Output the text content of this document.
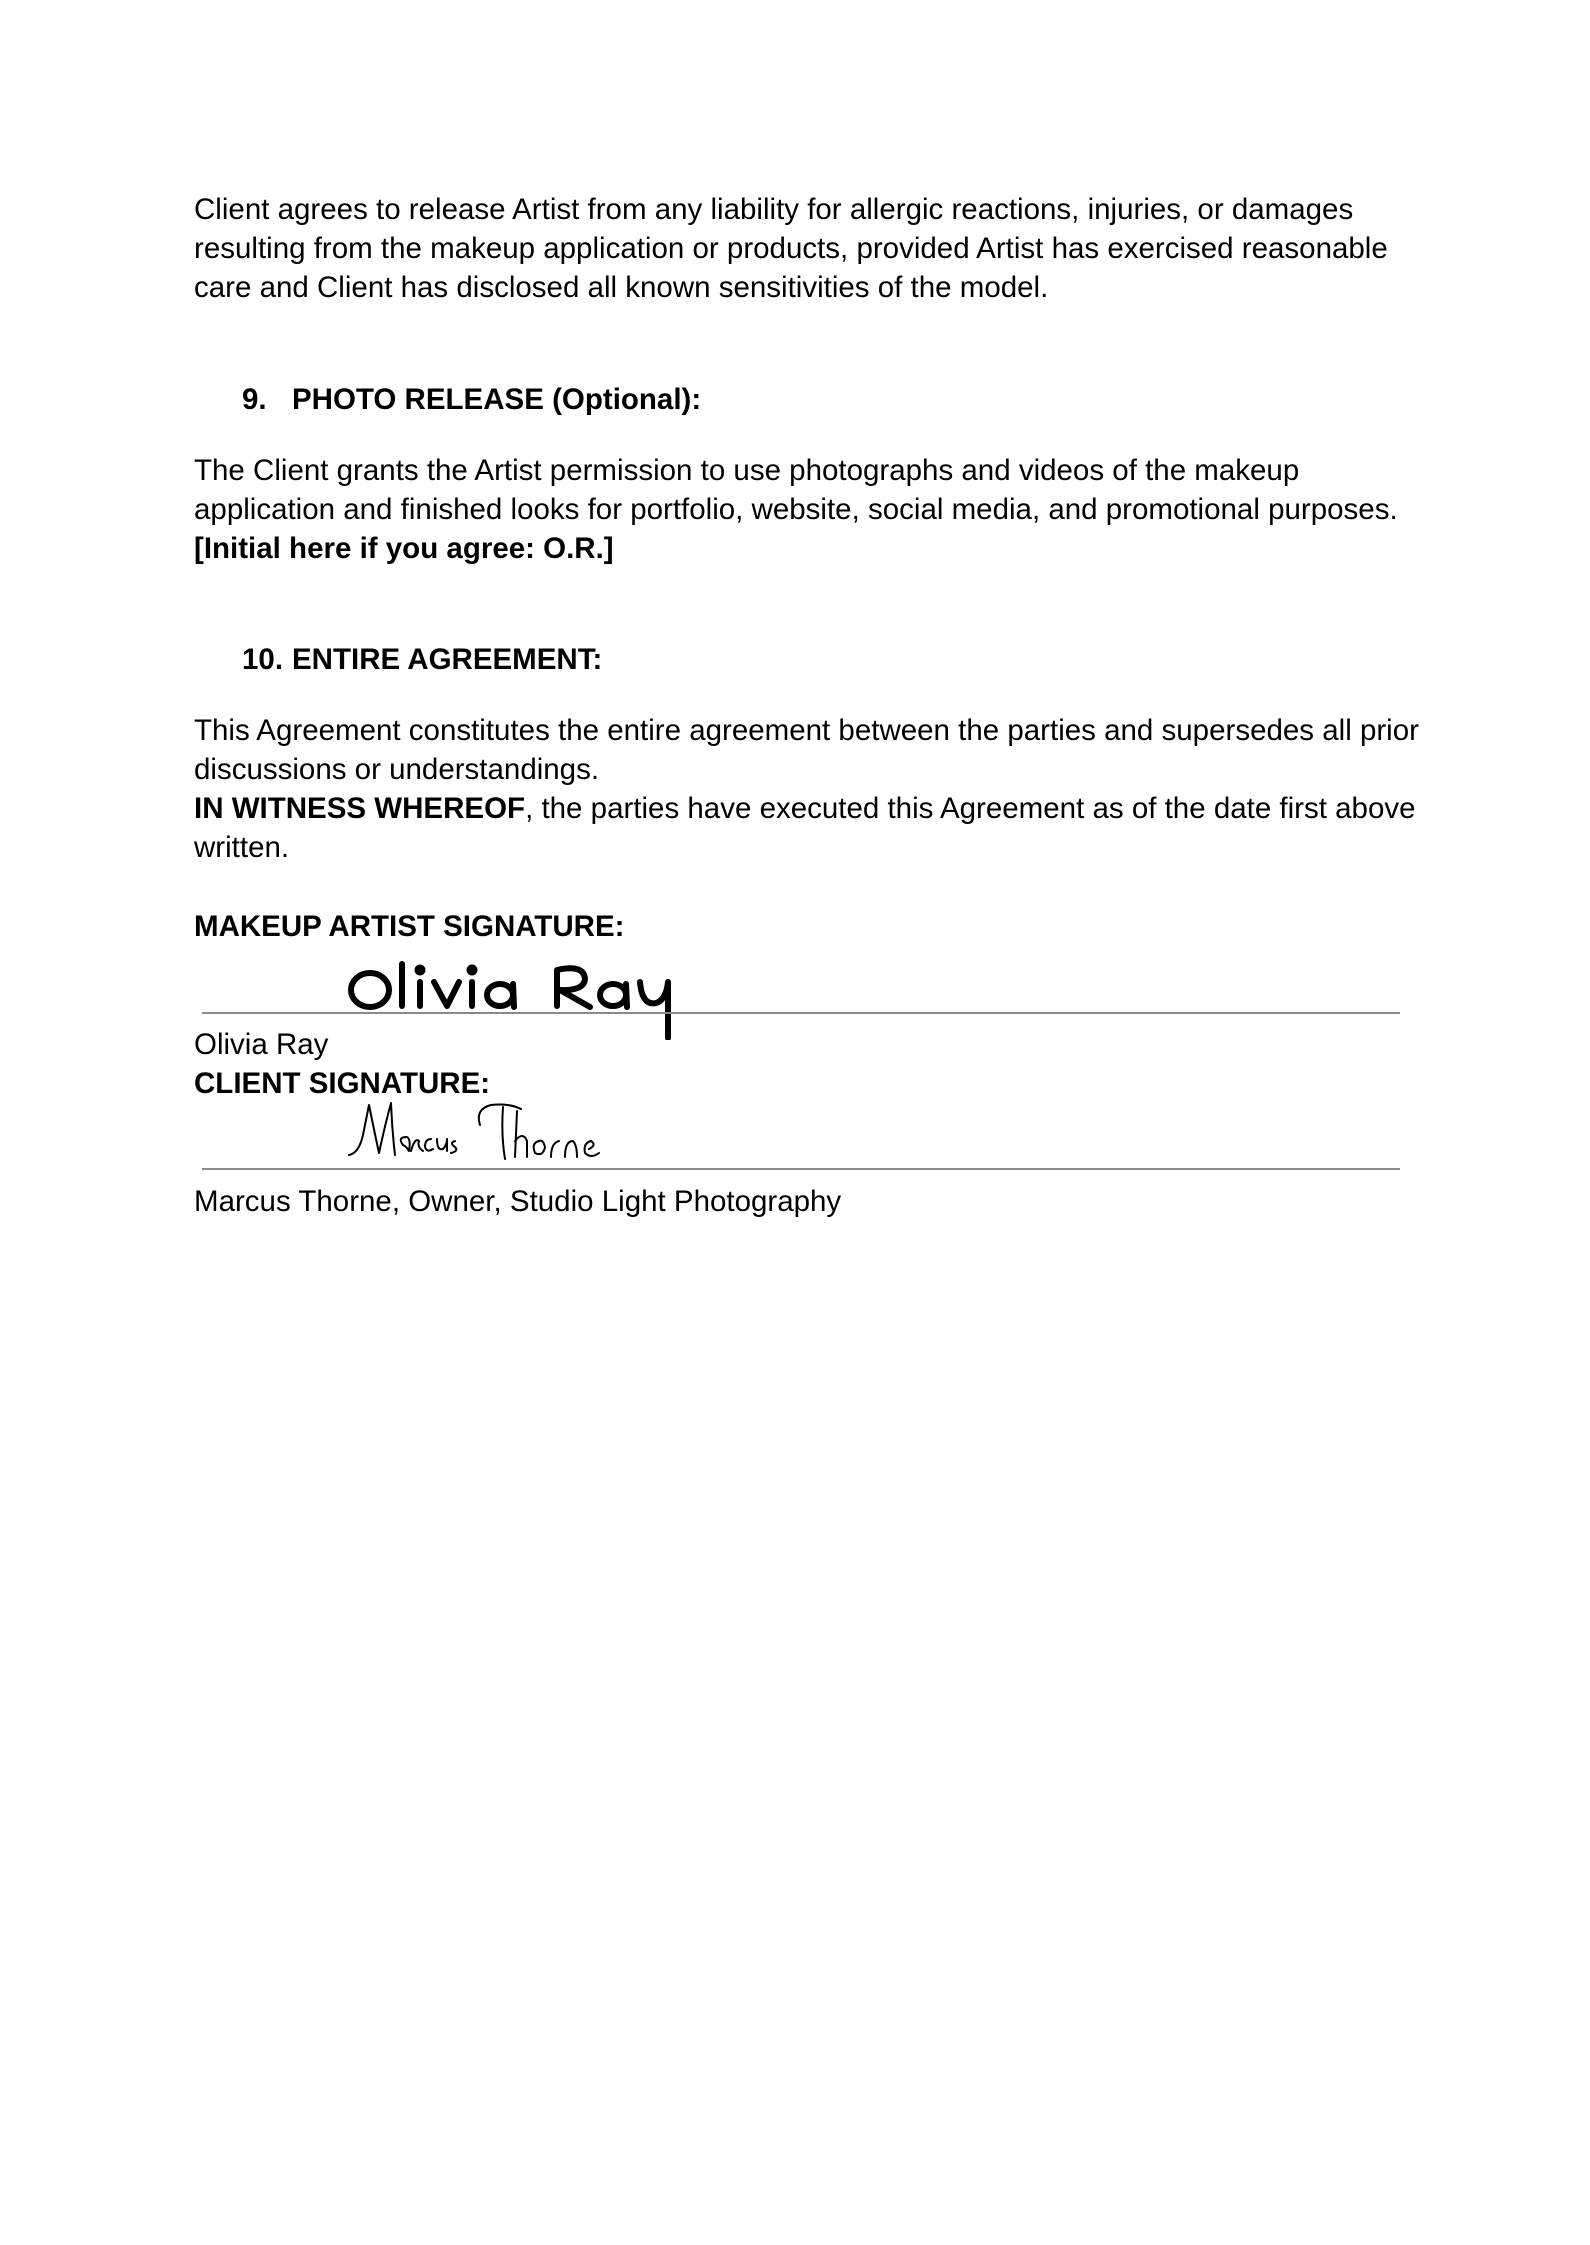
Client agrees to release Artist from any liability for allergic reactions, injuries, or damages resulting from the makeup application or products, provided Artist has exercised reasonable care and Client has disclosed all known sensitivities of the model.

9. PHOTO RELEASE (Optional):

The Client grants the Artist permission to use photographs and videos of the makeup application and finished looks for portfolio, website, social media, and promotional purposes.
[Initial here if you agree: O.R.]

10. ENTIRE AGREEMENT:

This Agreement constitutes the entire agreement between the parties and supersedes all prior discussions or understandings.
IN WITNESS WHEREOF, the parties have executed this Agreement as of the date first above written.

MAKEUP ARTIST SIGNATURE:

Olivia Ray

CLIENT SIGNATURE:

Marcus Thorne, Owner, Studio Light Photography
